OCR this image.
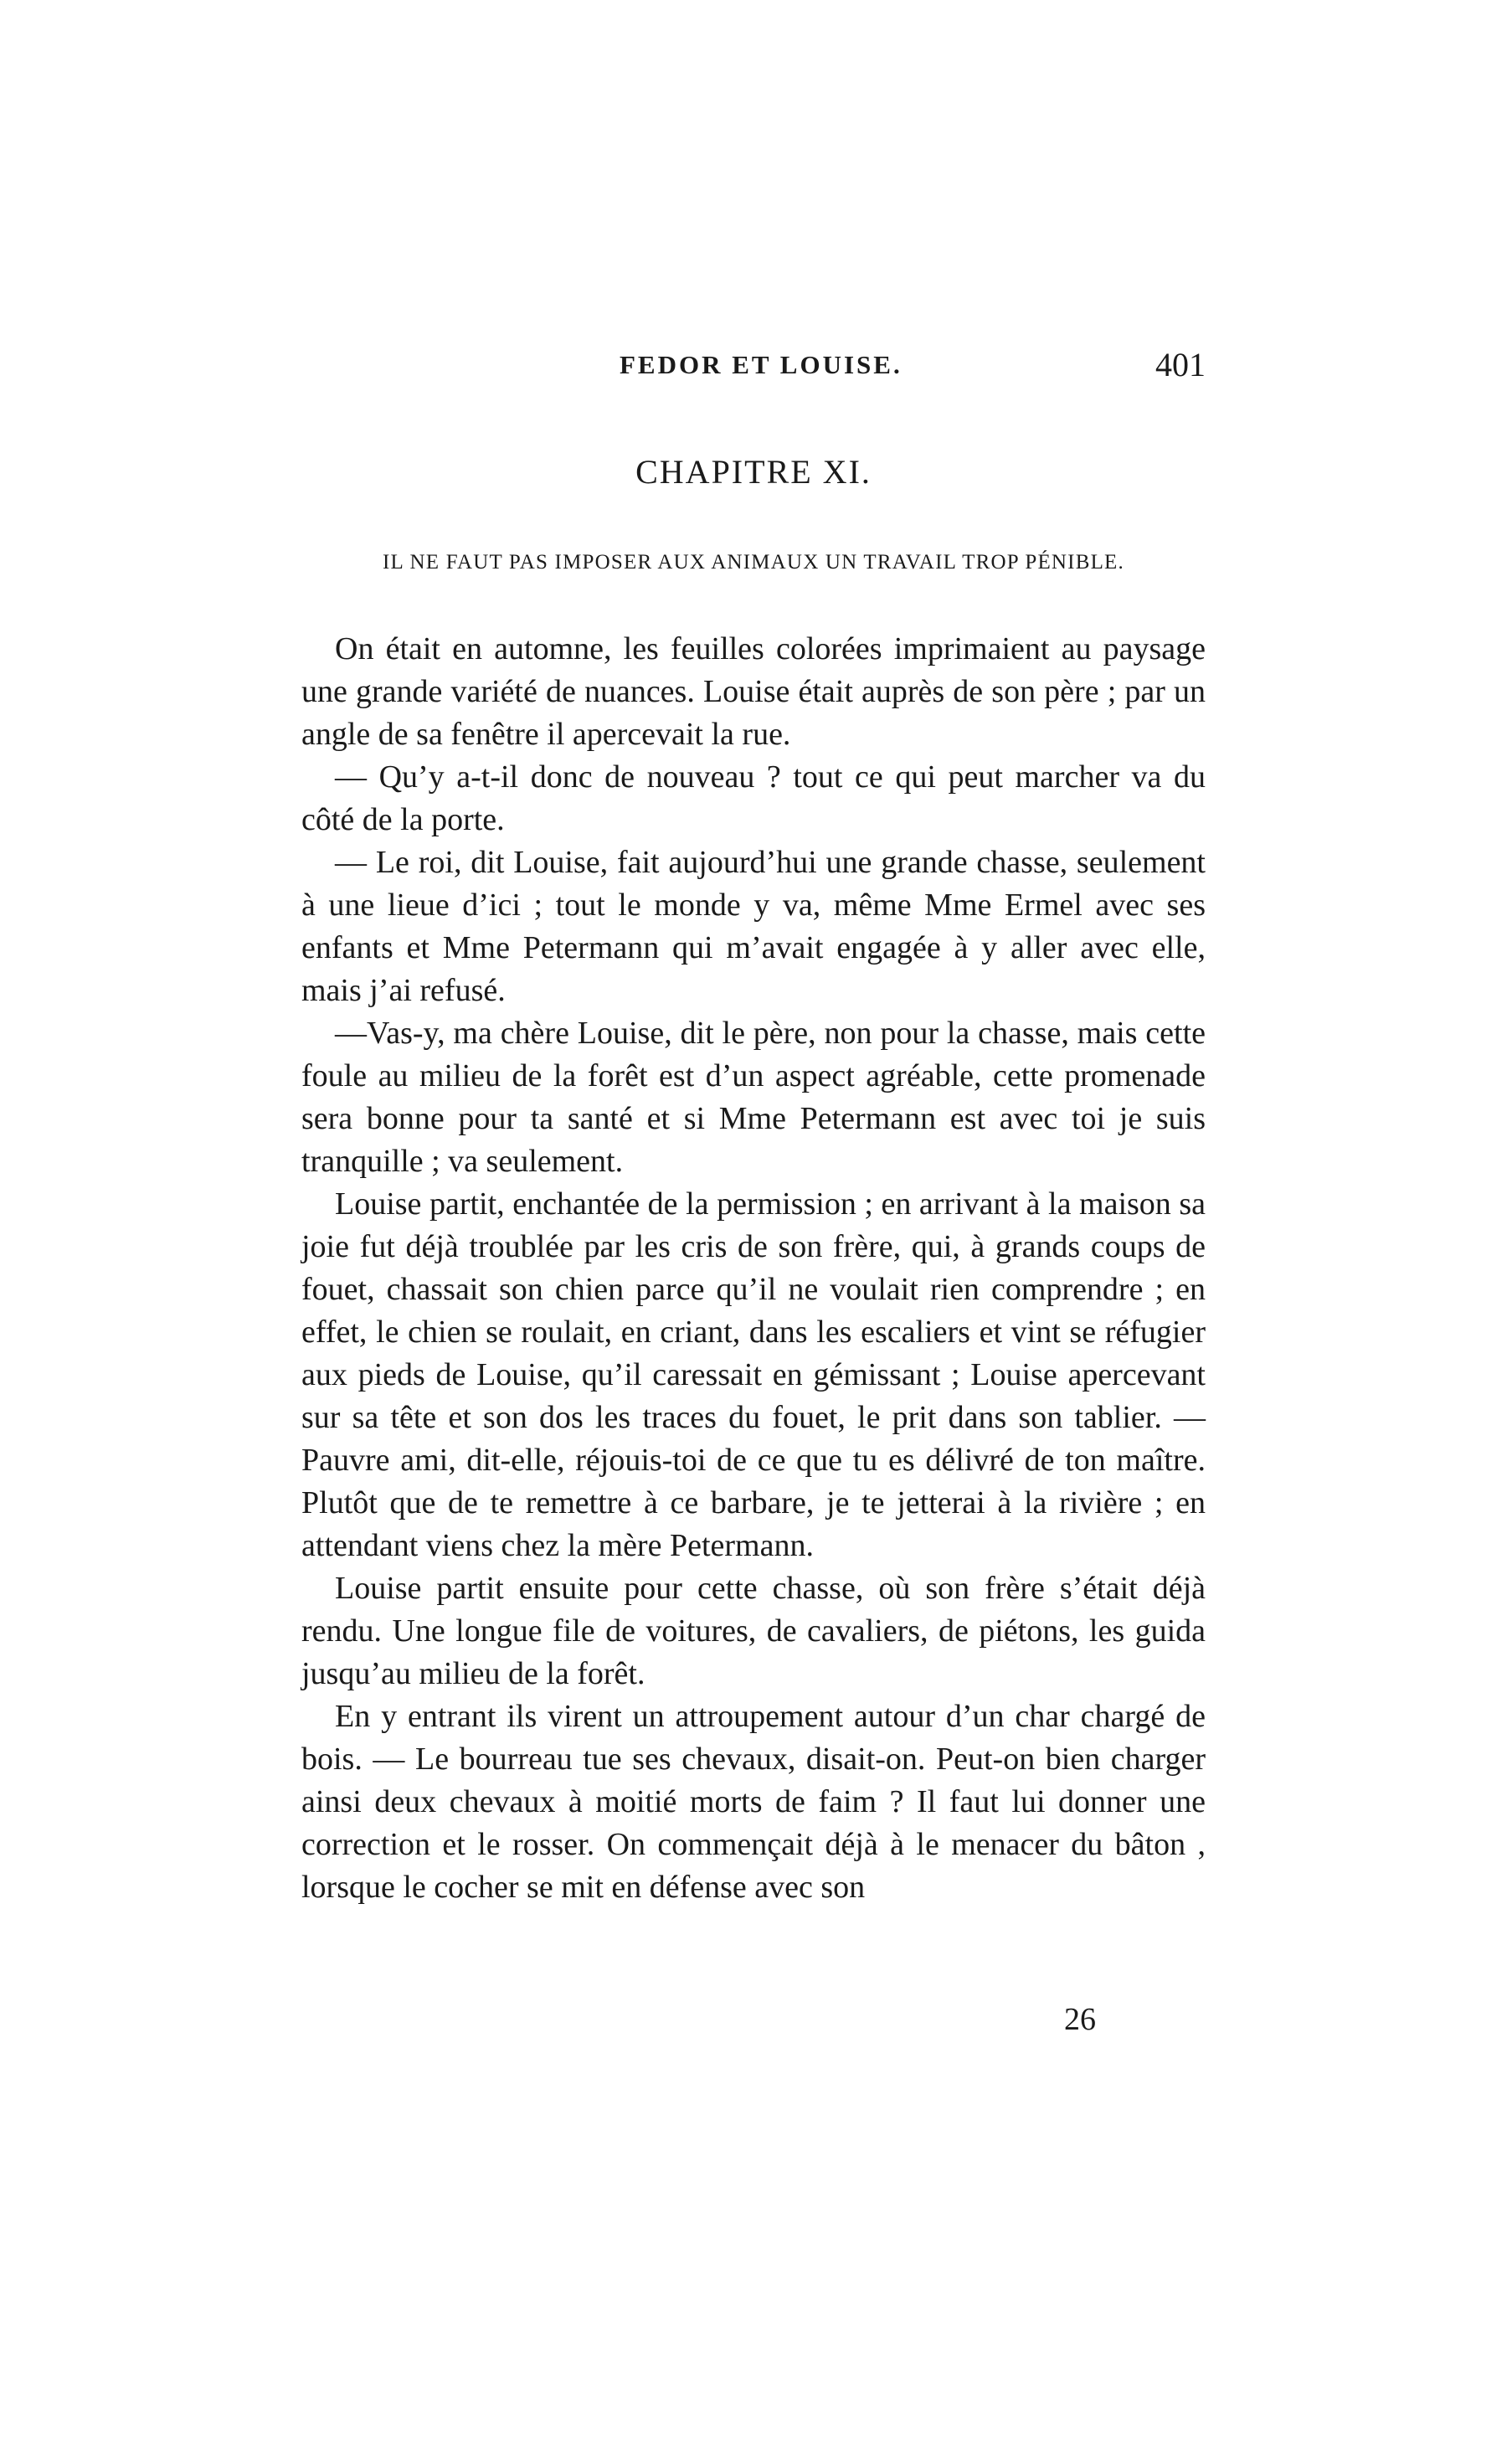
FEDOR ET LOUISE.	401
CHAPITRE XI.
IL NE FAUT PAS IMPOSER AUX ANIMAUX UN TRAVAIL TROP PÉNIBLE.

On était en automne, les feuilles colorées imprimaient au paysage une grande variété de nuances. Louise était auprès de son père ; par un angle de sa fenêtre il apercevait la rue.

— Qu’y a-t-il donc de nouveau ? tout ce qui peut marcher va du côté de la porte.

— Le roi, dit Louise, fait aujourd’hui une grande chasse, seulement à une lieue d’ici ; tout le monde y va, même Mme Ermel avec ses enfants et Mme Petermann qui m’avait engagée à y aller avec elle, mais j’ai refusé.

—Vas-y, ma chère Louise, dit le père, non pour la chasse, mais cette foule au milieu de la forêt est d’un aspect agréable, cette promenade sera bonne pour ta santé et si Mme Petermann est avec toi je suis tranquille ; va seulement.

Louise partit, enchantée de la permission ; en arrivant à la maison sa joie fut déjà troublée par les cris de son frère, qui, à grands coups de fouet, chassait son chien parce qu’il ne voulait rien comprendre ; en effet, le chien se roulait, en criant, dans les escaliers et vint se réfugier aux pieds de Louise, qu’il caressait en gémissant ; Louise apercevant sur sa tête et son dos les traces du fouet, le prit dans son tablier. — Pauvre ami, dit-elle, réjouis-toi de ce que tu es délivré de ton maître. Plutôt que de te remettre à ce barbare, je te jetterai à la rivière ; en attendant viens chez la mère Petermann.

Louise partit ensuite pour cette chasse, où son frère s’était déjà rendu. Une longue file de voitures, de cavaliers, de piétons, les guida jusqu’au milieu de la forêt.

En y entrant ils virent un attroupement autour d’un char chargé de bois. — Le bourreau tue ses chevaux, disait-on. Peut-on bien charger ainsi deux chevaux à moitié morts de faim ? Il faut lui donner une correction et le rosser. On commençait déjà à le menacer du bâton , lorsque le cocher se mit en défense avec son

26
